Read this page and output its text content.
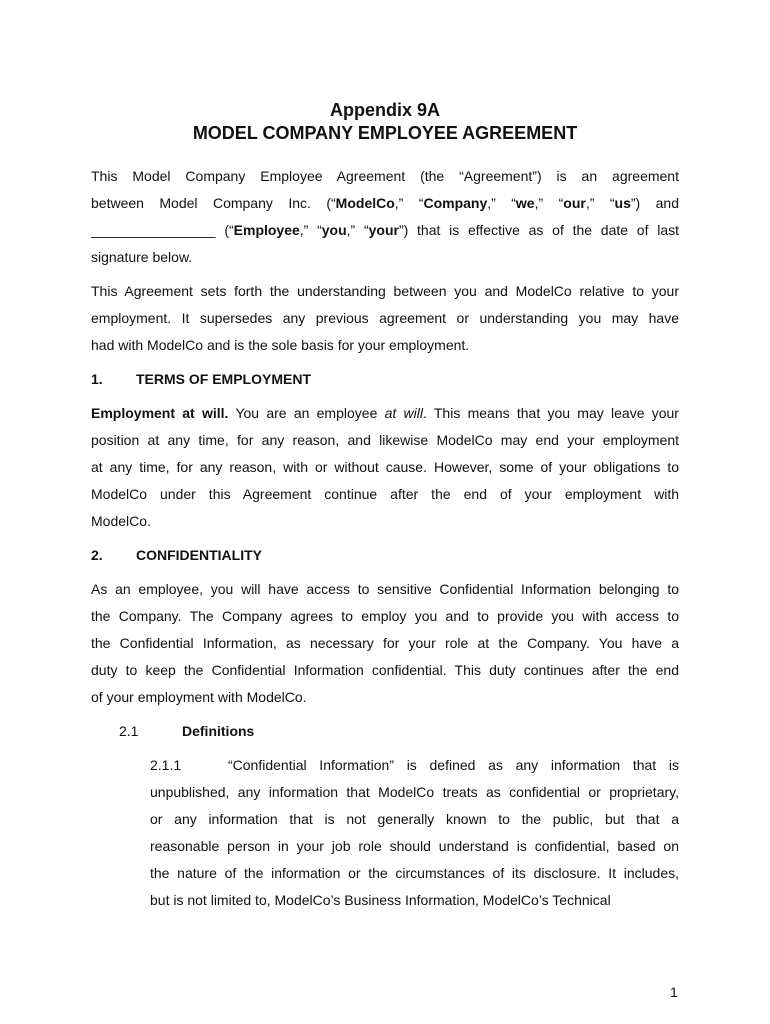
Appendix 9A
MODEL COMPANY EMPLOYEE AGREEMENT
This Model Company Employee Agreement (the “Agreement”) is an agreement
between Model Company Inc. (“ModelCo,” “Company,” “we,” “our,” “us”) and
________________ (“Employee,” “you,” “your”) that is effective as of the date of last
signature below.
This Agreement sets forth the understanding between you and ModelCo relative to your
employment. It supersedes any previous agreement or understanding you may have
had with ModelCo and is the sole basis for your employment.
1.	TERMS OF EMPLOYMENT
Employment at will. You are an employee at will. This means that you may leave your
position at any time, for any reason, and likewise ModelCo may end your employment
at any time, for any reason, with or without cause. However, some of your obligations to
ModelCo under this Agreement continue after the end of your employment with
ModelCo.
2.	CONFIDENTIALITY
As an employee, you will have access to sensitive Confidential Information belonging to
the Company. The Company agrees to employ you and to provide you with access to
the Confidential Information, as necessary for your role at the Company. You have a
duty to keep the Confidential Information confidential. This duty continues after the end
of your employment with ModelCo.
2.1	Definitions
2.1.1	“Confidential Information” is defined as any information that is
unpublished, any information that ModelCo treats as confidential or proprietary,
or any information that is not generally known to the public, but that a
reasonable person in your job role should understand is confidential, based on
the nature of the information or the circumstances of its disclosure. It includes,
but is not limited to, ModelCo’s Business Information, ModelCo’s Technical
1
